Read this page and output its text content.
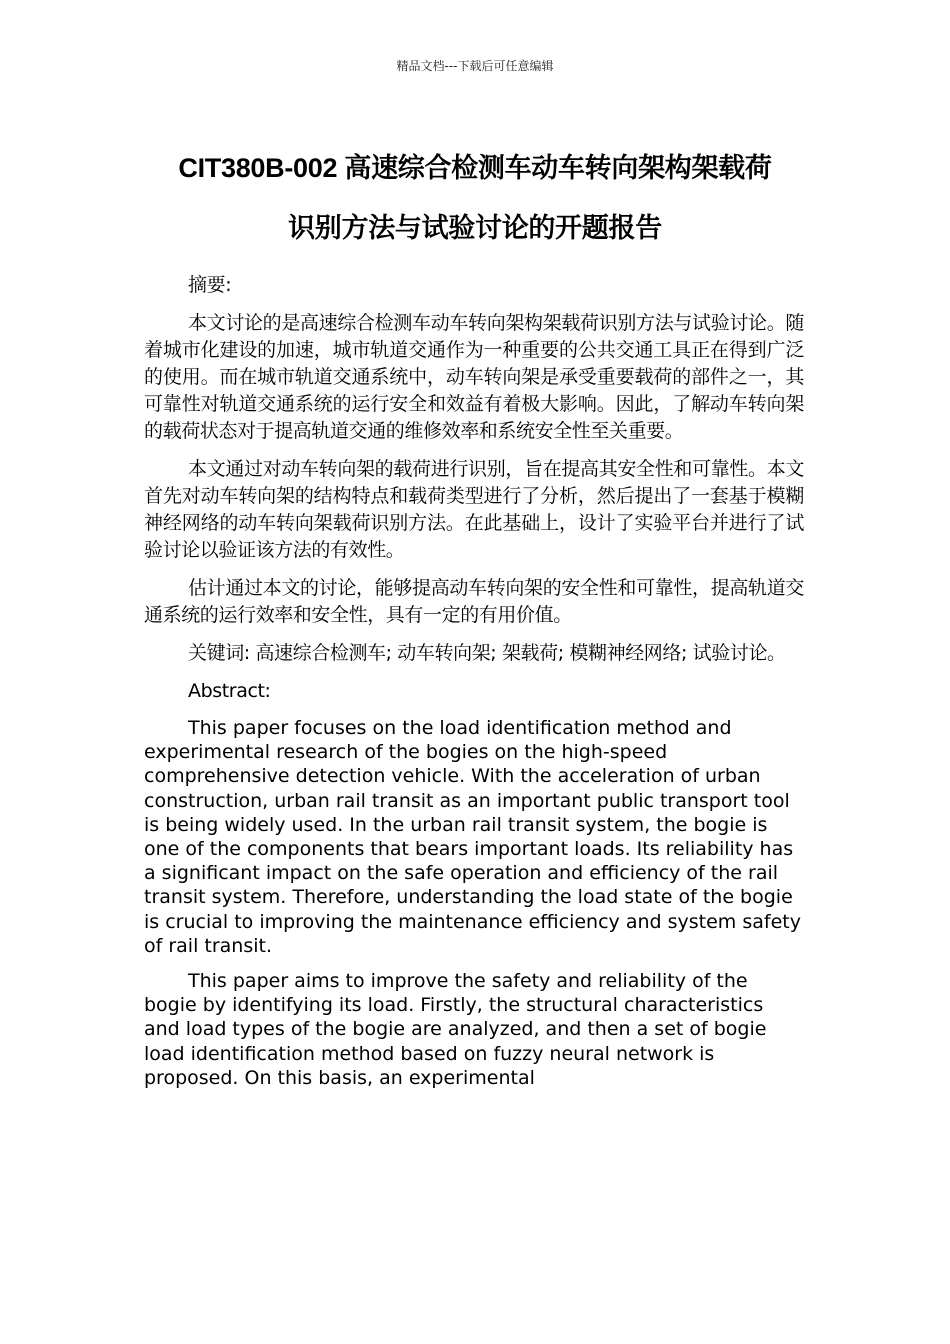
精品文档---下载后可任意编辑
CIT380B-002 高速综合检测车动车转向架构架载荷
识别方法与试验讨论的开题报告

摘要:

本文讨论的是高速综合检测车动车转向架构架载荷识别方法与试验讨论。随着城市化建设的加速，城市轨道交通作为一种重要的公共交通工具正在得到广泛的使用。而在城市轨道交通系统中，动车转向架是承受重要载荷的部件之一，其可靠性对轨道交通系统的运行安全和效益有着极大影响。因此，了解动车转向架的载荷状态对于提高轨道交通的维修效率和系统安全性至关重要。

本文通过对动车转向架的载荷进行识别，旨在提高其安全性和可靠性。本文首先对动车转向架的结构特点和载荷类型进行了分析，然后提出了一套基于模糊神经网络的动车转向架载荷识别方法。在此基础上，设计了实验平台并进行了试验讨论以验证该方法的有效性。

估计通过本文的讨论，能够提高动车转向架的安全性和可靠性，提高轨道交通系统的运行效率和安全性，具有一定的有用价值。

关键词: 高速综合检测车; 动车转向架; 架载荷; 模糊神经网络; 试验讨论。

Abstract:

This paper focuses on the load identification method and experimental research of the bogies on the high-speed comprehensive detection vehicle. With the acceleration of urban construction, urban rail transit as an important public transport tool is being widely used. In the urban rail transit system, the bogie is one of the components that bears important loads. Its reliability has a significant impact on the safe operation and efficiency of the rail transit system. Therefore, understanding the load state of the bogie is crucial to improving the maintenance efficiency and system safety of rail transit.

This paper aims to improve the safety and reliability of the bogie by identifying its load. Firstly, the structural characteristics and load types of the bogie are analyzed, and then a set of bogie load identification method based on fuzzy neural network is proposed. On this basis, an experimental
